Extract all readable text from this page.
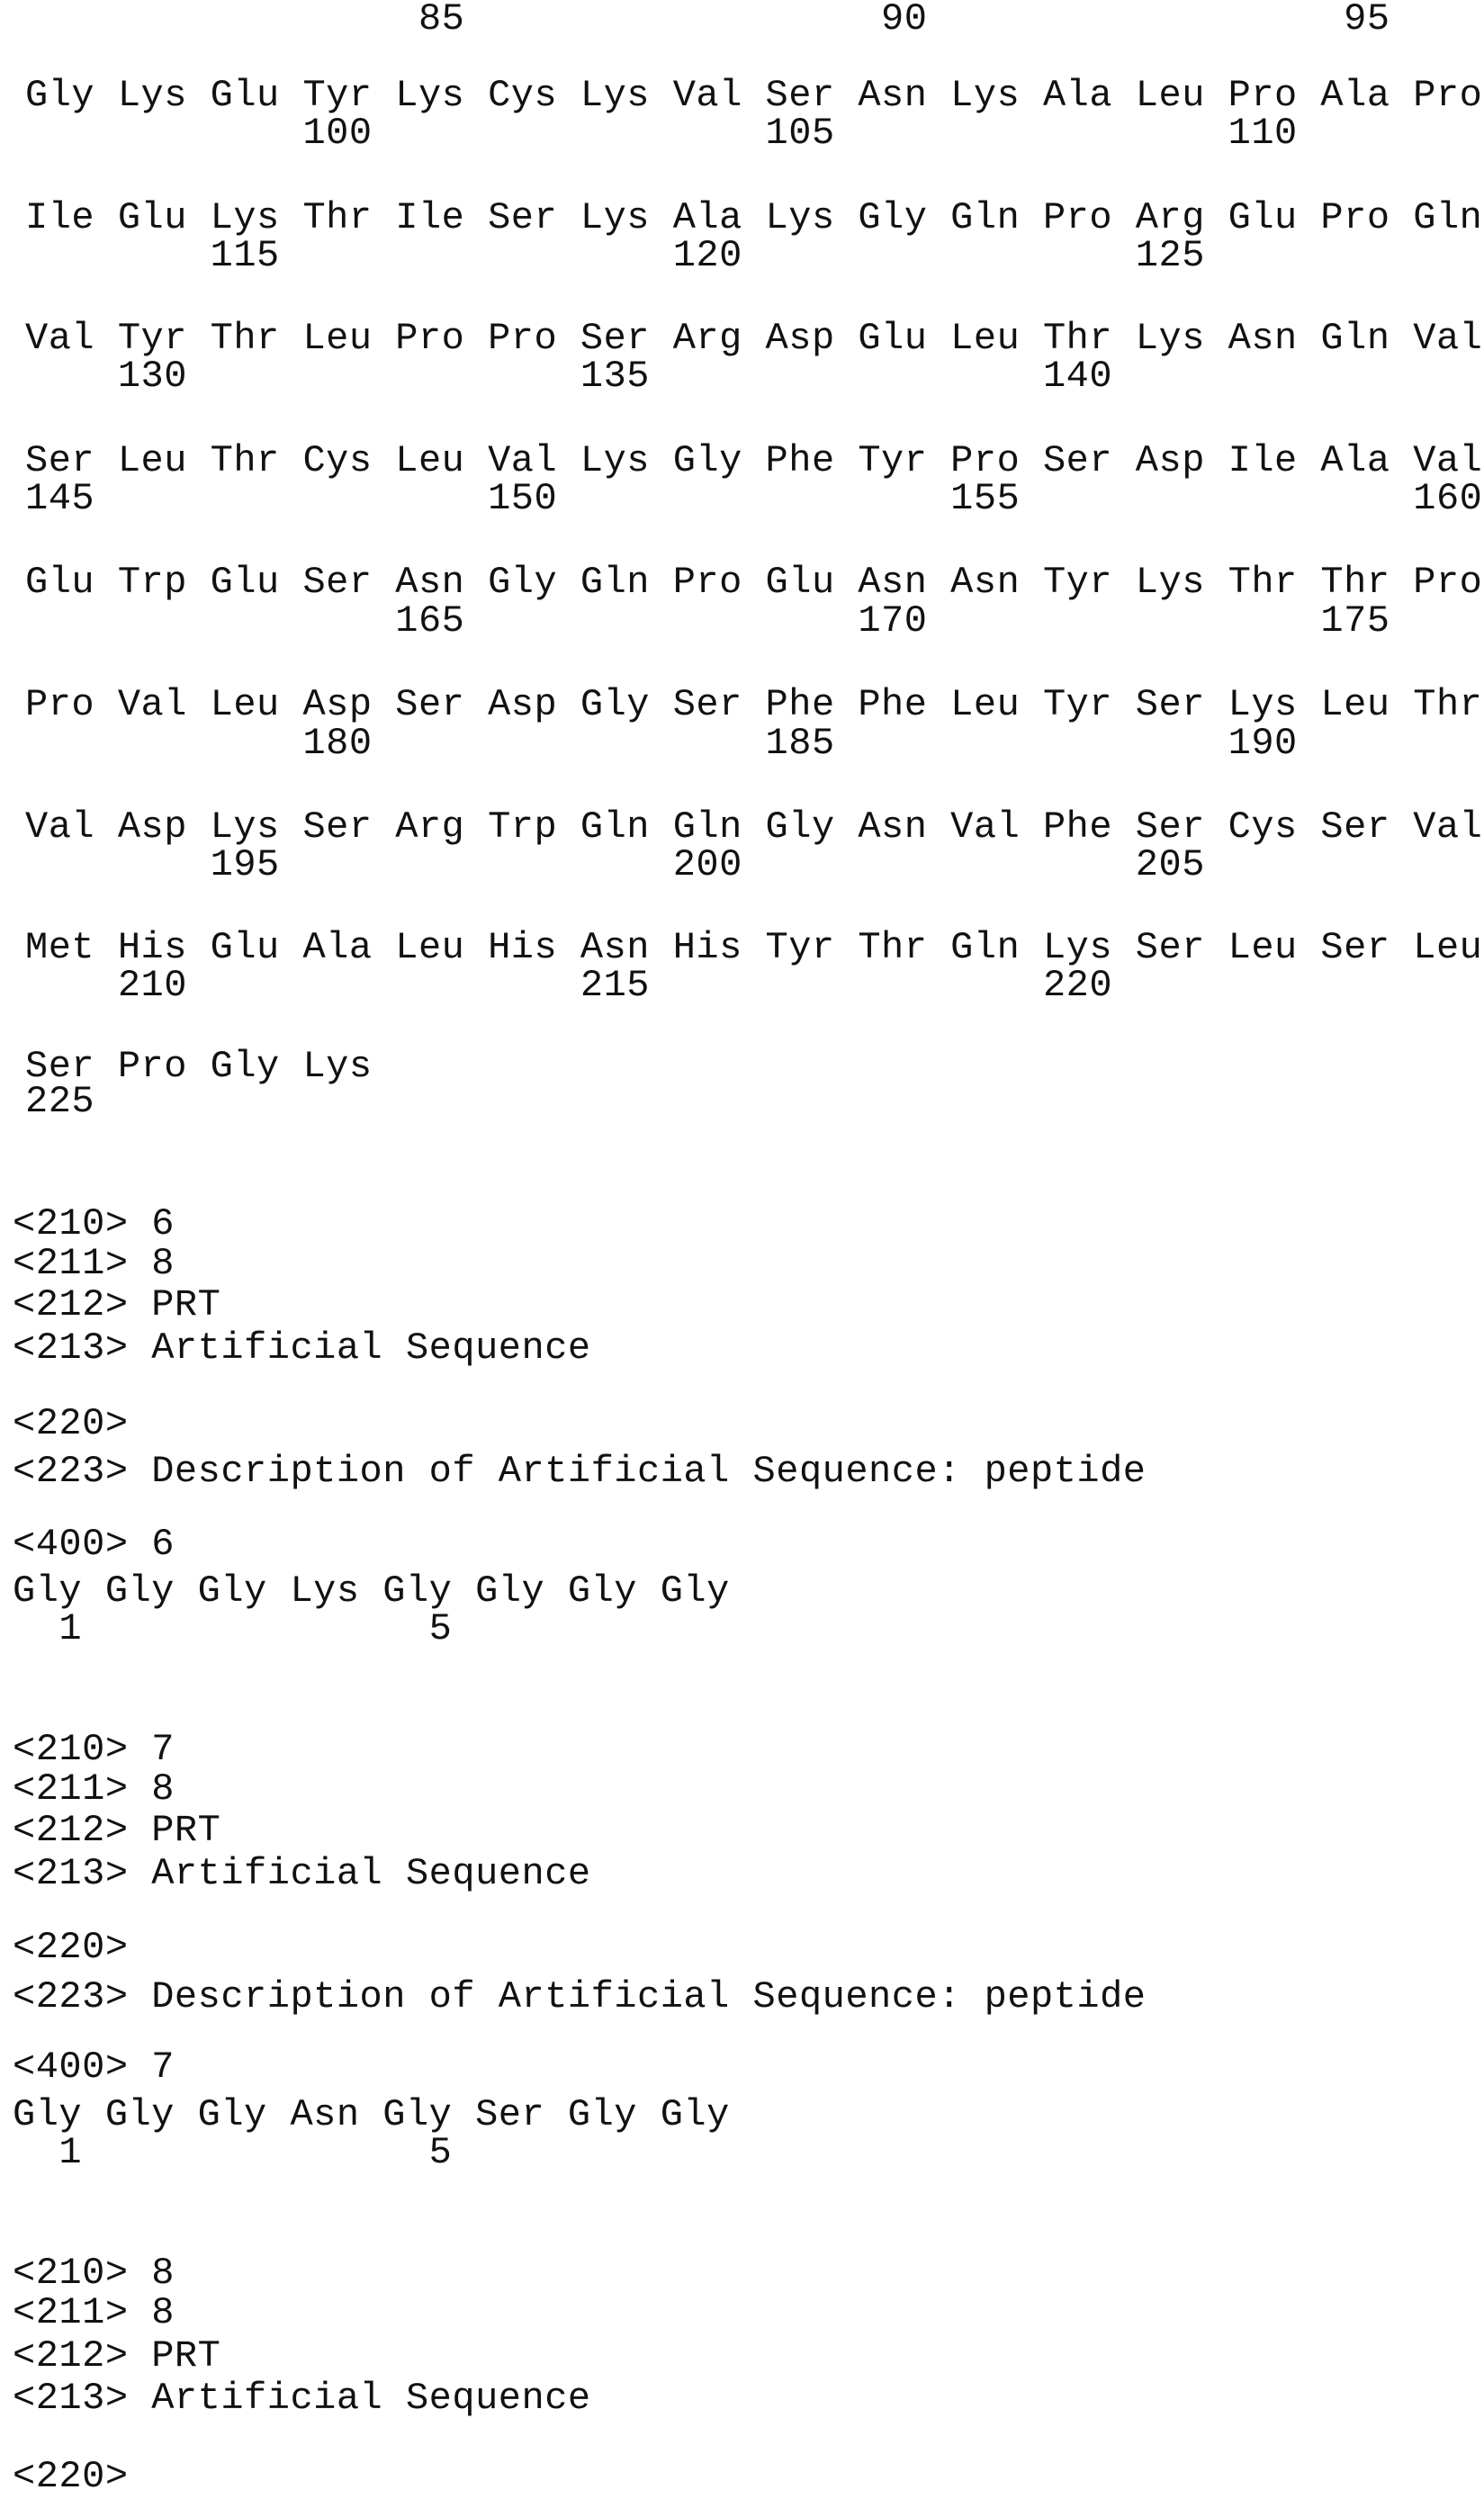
85                  90                  95
Gly Lys Glu Tyr Lys Cys Lys Val Ser Asn Lys Ala Leu Pro Ala Pro
100                 105                 110
Ile Glu Lys Thr Ile Ser Lys Ala Lys Gly Gln Pro Arg Glu Pro Gln
115                 120                 125
Val Tyr Thr Leu Pro Pro Ser Arg Asp Glu Leu Thr Lys Asn Gln Val
130                 135                 140
Ser Leu Thr Cys Leu Val Lys Gly Phe Tyr Pro Ser Asp Ile Ala Val
145                 150                 155                 160
Glu Trp Glu Ser Asn Gly Gln Pro Glu Asn Asn Tyr Lys Thr Thr Pro
165                 170                 175
Pro Val Leu Asp Ser Asp Gly Ser Phe Phe Leu Tyr Ser Lys Leu Thr
180                 185                 190
Val Asp Lys Ser Arg Trp Gln Gln Gly Asn Val Phe Ser Cys Ser Val
195                 200                 205
Met His Glu Ala Leu His Asn His Tyr Thr Gln Lys Ser Leu Ser Leu
210                 215                 220
Ser Pro Gly Lys
225
<210> 6
<211> 8
<212> PRT
<213> Artificial Sequence
<220>
<223> Description of Artificial Sequence: peptide
<400> 6
Gly Gly Gly Lys Gly Gly Gly Gly
1               5
<210> 7
<211> 8
<212> PRT
<213> Artificial Sequence
<220>
<223> Description of Artificial Sequence: peptide
<400> 7
Gly Gly Gly Asn Gly Ser Gly Gly
1               5
<210> 8
<211> 8
<212> PRT
<213> Artificial Sequence
<220>
